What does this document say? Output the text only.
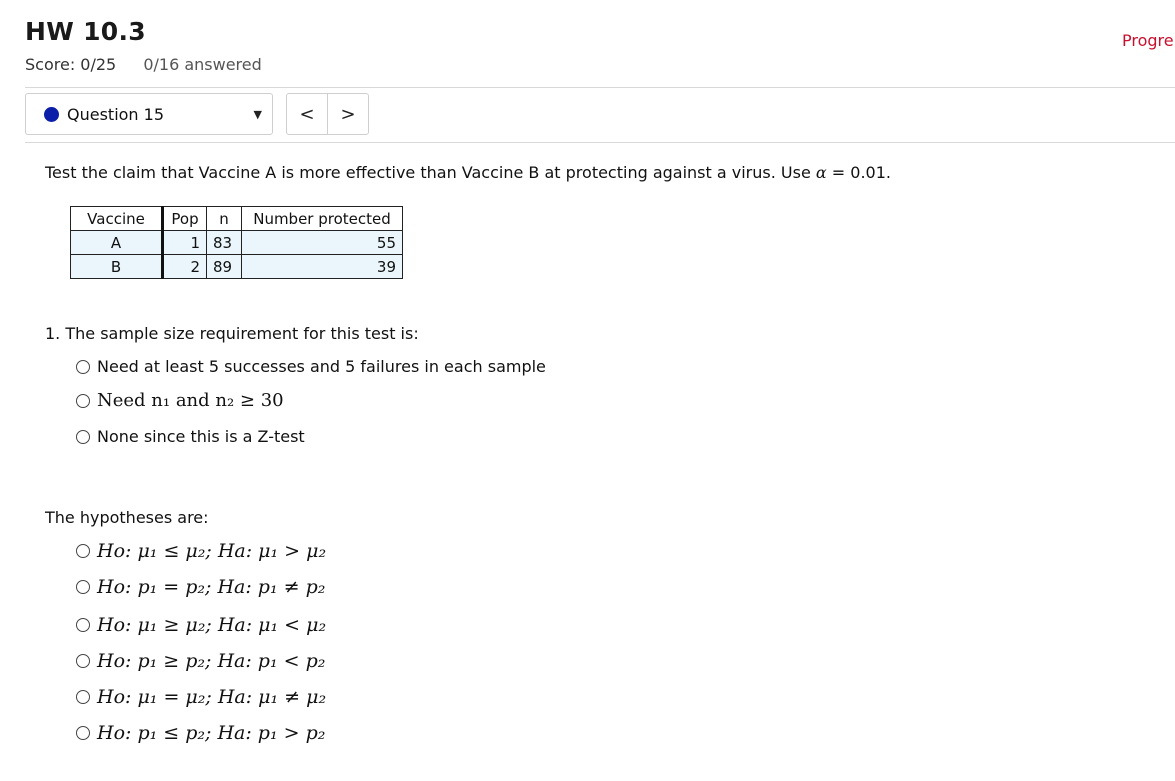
HW 10.3	Progre
Score: 0/25 0/16 answered
Question 15	▼	<	>
Test the claim that Vaccine A is more effective than Vaccine B at protecting against a virus. Use α = 0.01.
Vaccine	Pop	n	Number protected
A	1	83	55
B	2	89	39
1. The sample size requirement for this test is:
Need at least 5 successes and 5 failures in each sample
Need n₁ and n₂ ≥ 30
None since this is a Z-test
The hypotheses are:
Ho: μ₁ ≤ μ₂; Ha: μ₁ > μ₂
Ho: p₁ = p₂; Ha: p₁ ≠ p₂
Ho: μ₁ ≥ μ₂; Ha: μ₁ < μ₂
Ho: p₁ ≥ p₂; Ha: p₁ < p₂
Ho: μ₁ = μ₂; Ha: μ₁ ≠ μ₂
Ho: p₁ ≤ p₂; Ha: p₁ > p₂
